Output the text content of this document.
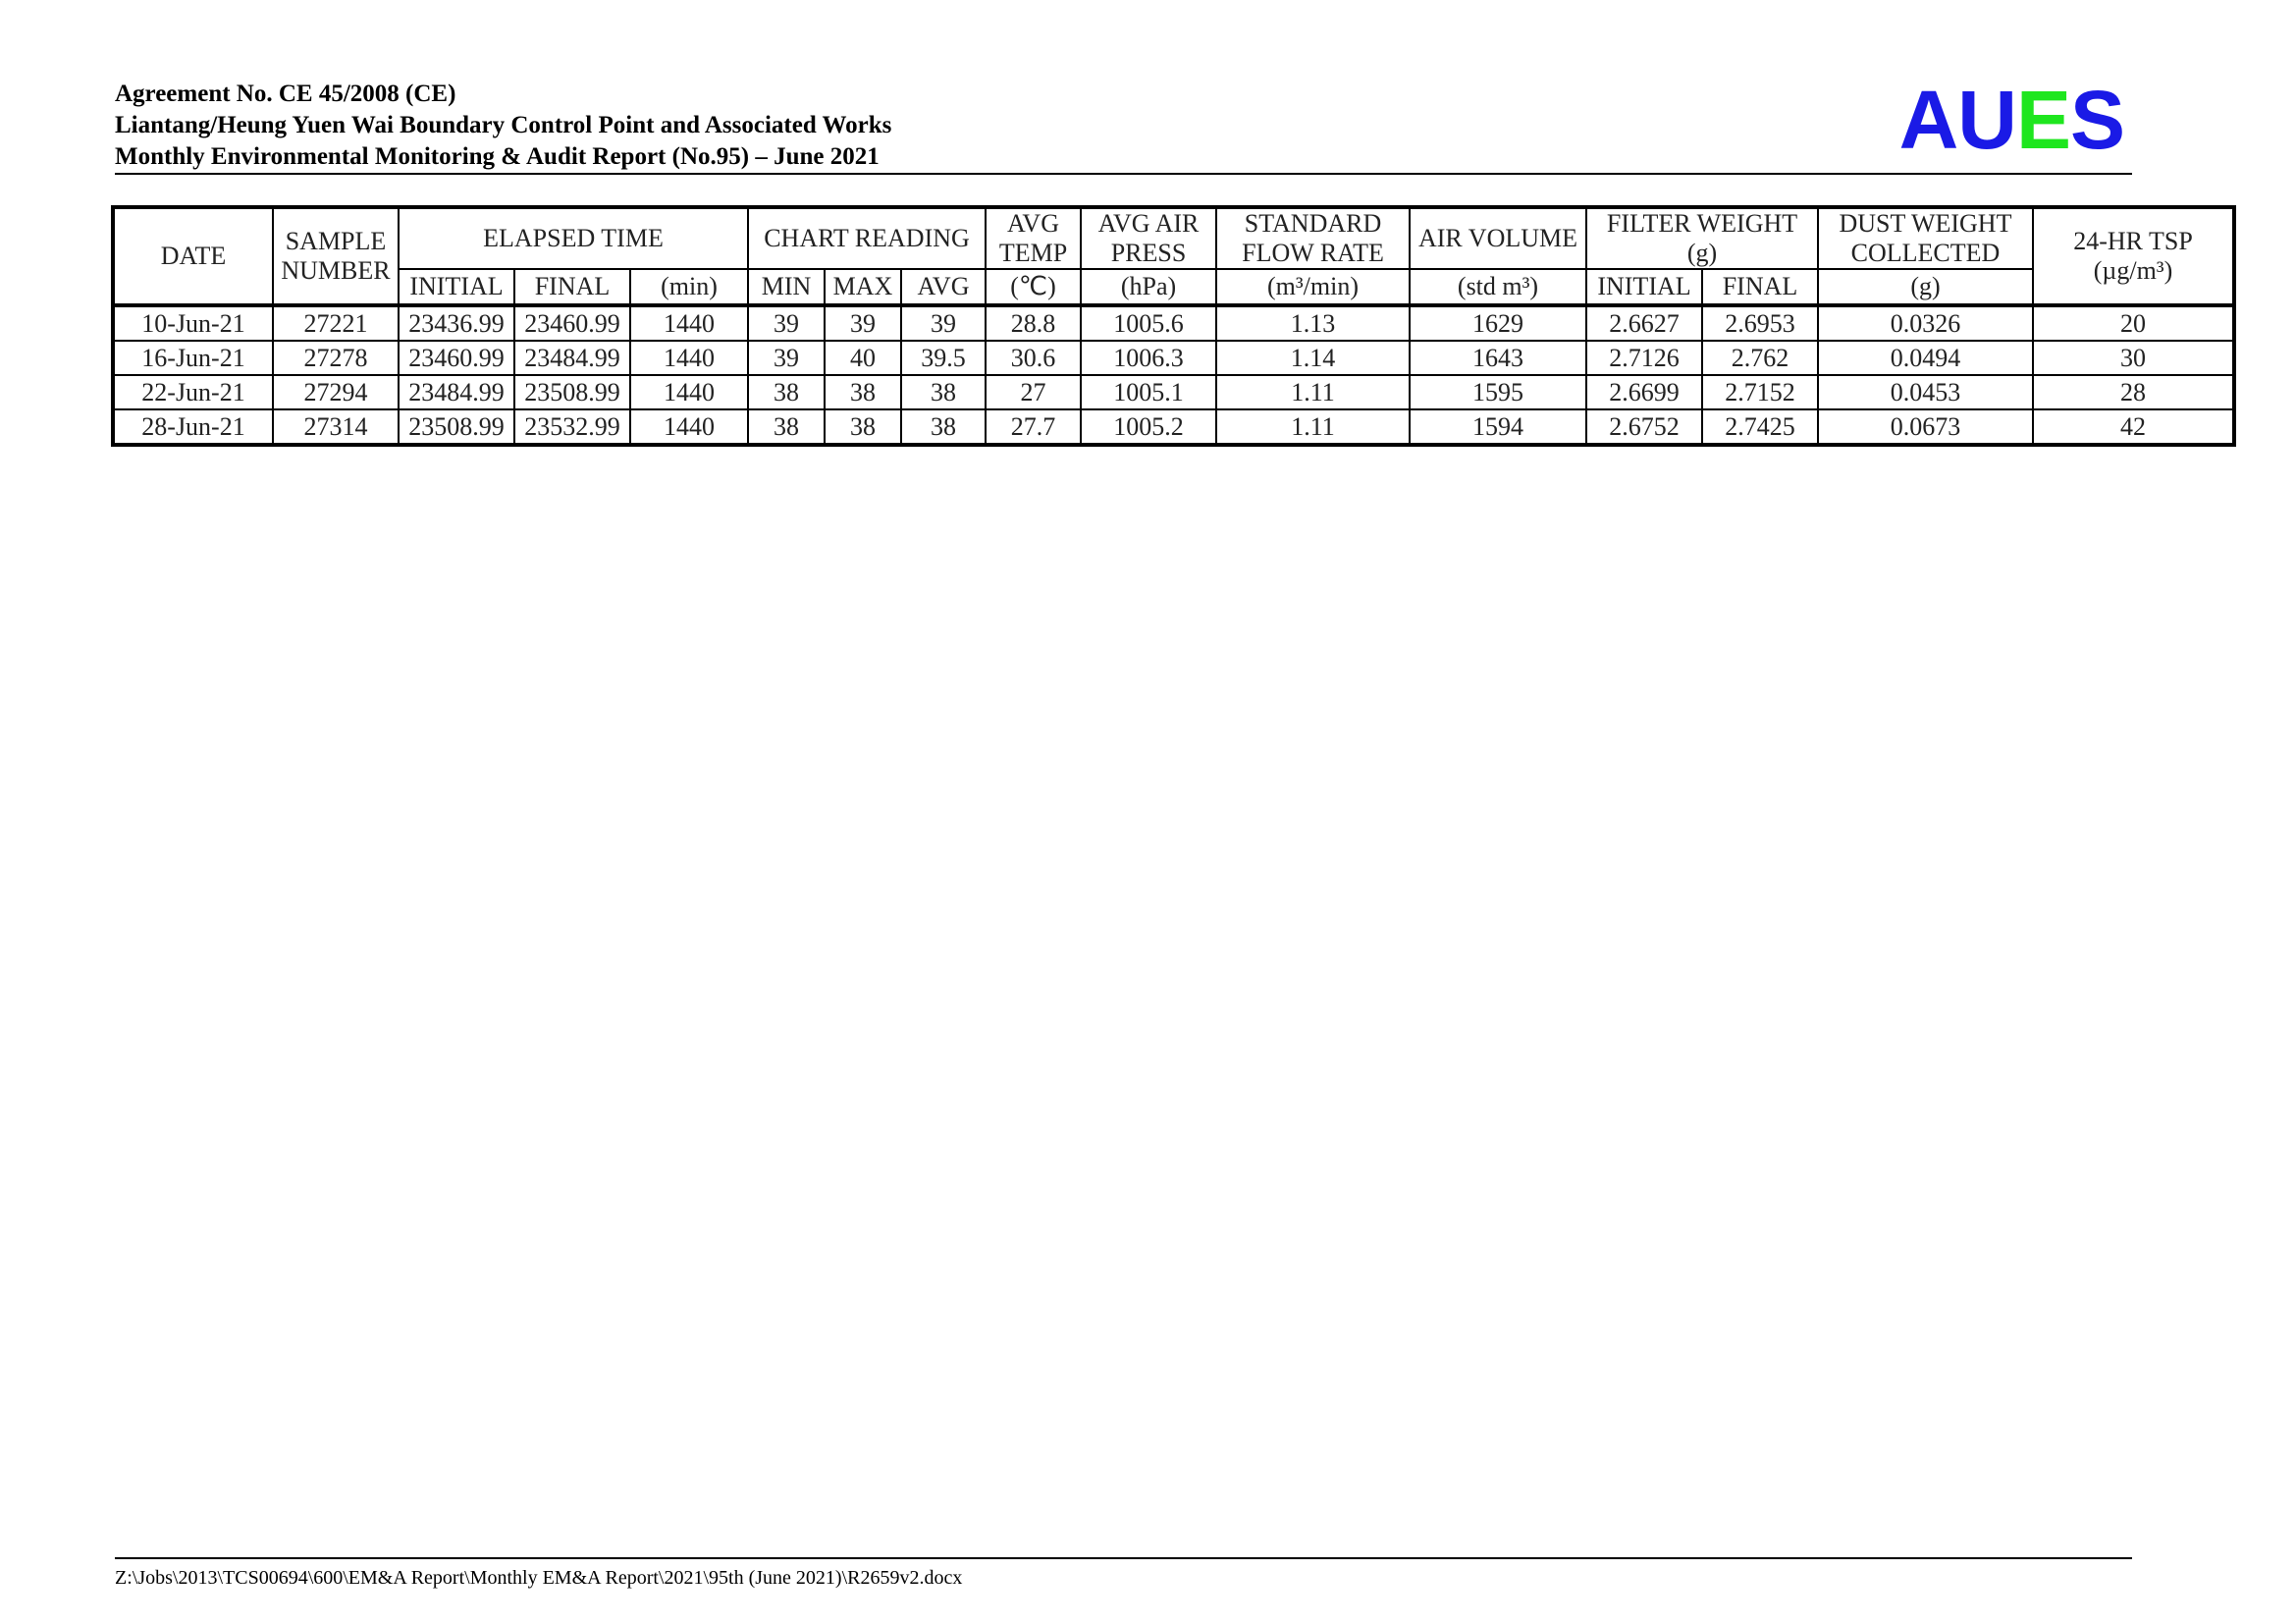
Agreement No. CE 45/2008 (CE)
Liantang/Heung Yuen Wai Boundary Control Point and Associated Works
Monthly Environmental Monitoring & Audit Report (No.95) – June 2021	AUES
DATE	SAMPLE NUMBER	ELAPSED TIME			CHART READING			AVG TEMP	AVG AIR PRESS	STANDARD FLOW RATE	AIR VOLUME	FILTER WEIGHT (g)		DUST WEIGHT COLLECTED	24-HR TSP (µg/m³)
		INITIAL	FINAL	(min)	MIN	MAX	AVG	(℃)	(hPa)	(m³/min)	(std m³)	INITIAL	FINAL	(g)	
10-Jun-21	27221	23436.99	23460.99	1440	39	39	39	28.8	1005.6	1.13	1629	2.6627	2.6953	0.0326	20
16-Jun-21	27278	23460.99	23484.99	1440	39	40	39.5	30.6	1006.3	1.14	1643	2.7126	2.762	0.0494	30
22-Jun-21	27294	23484.99	23508.99	1440	38	38	38	27	1005.1	1.11	1595	2.6699	2.7152	0.0453	28
28-Jun-21	27314	23508.99	23532.99	1440	38	38	38	27.7	1005.2	1.11	1594	2.6752	2.7425	0.0673	42
Z:\Jobs\2013\TCS00694\600\EM&A Report\Monthly EM&A Report\2021\95th (June 2021)\R2659v2.docx
